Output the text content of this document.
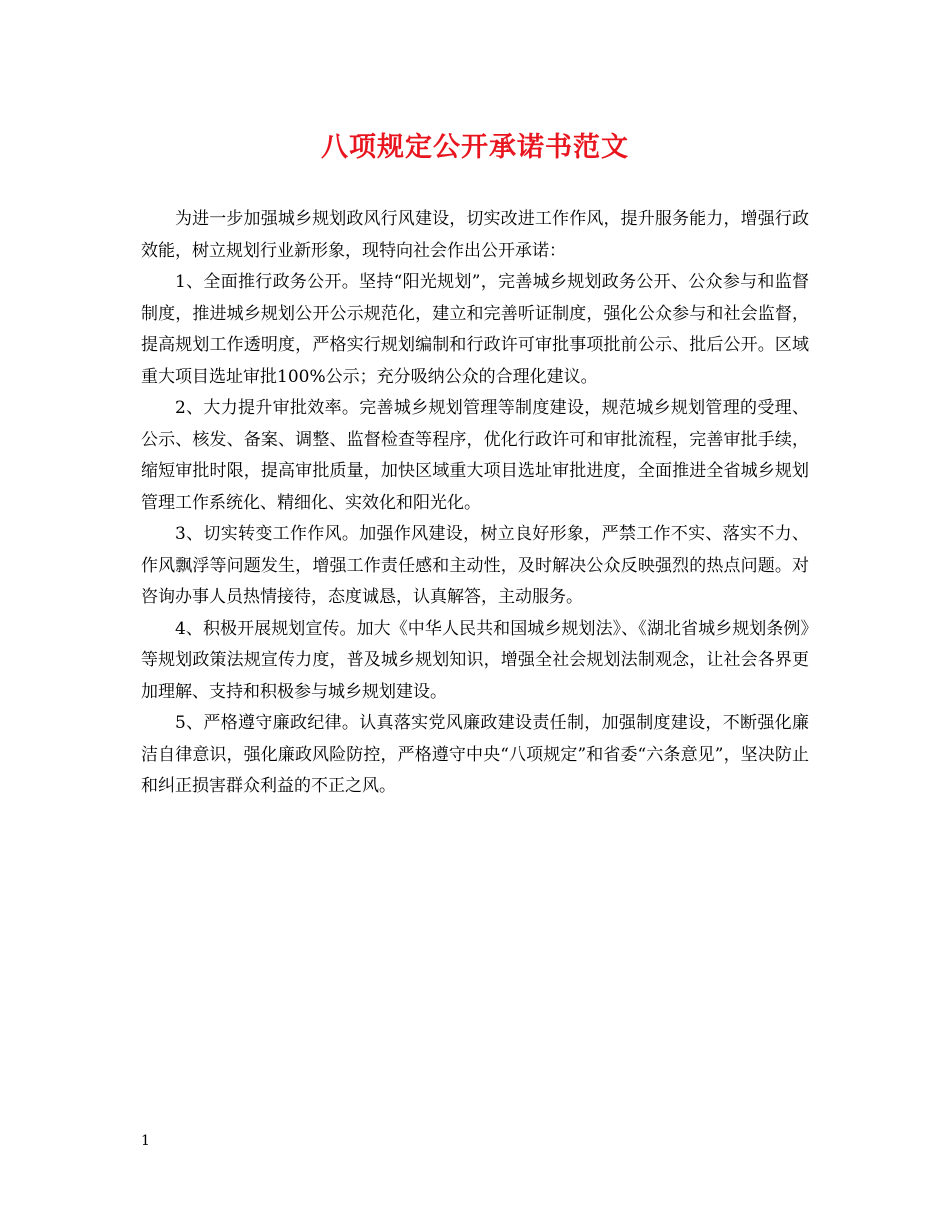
八项规定公开承诺书范文

为进一步加强城乡规划政风行风建设，切实改进工作作风，提升服务能力，增强行政效能，树立规划行业新形象，现特向社会作出公开承诺：

1、全面推行政务公开。坚持“阳光规划”，完善城乡规划政务公开、公众参与和监督制度，推进城乡规划公开公示规范化，建立和完善听证制度，强化公众参与和社会监督，提高规划工作透明度，严格实行规划编制和行政许可审批事项批前公示、批后公开。区域重大项目选址审批100%公示；充分吸纳公众的合理化建议。

2、大力提升审批效率。完善城乡规划管理等制度建设，规范城乡规划管理的受理、公示、核发、备案、调整、监督检查等程序，优化行政许可和审批流程，完善审批手续，缩短审批时限，提高审批质量，加快区域重大项目选址审批进度，全面推进全省城乡规划管理工作系统化、精细化、实效化和阳光化。

3、切实转变工作作风。加强作风建设，树立良好形象，严禁工作不实、落实不力、作风飘浮等问题发生，增强工作责任感和主动性，及时解决公众反映强烈的热点问题。对咨询办事人员热情接待，态度诚恳，认真解答，主动服务。

4、积极开展规划宣传。加大《中华人民共和国城乡规划法》、《湖北省城乡规划条例》等规划政策法规宣传力度，普及城乡规划知识，增强全社会规划法制观念，让社会各界更加理解、支持和积极参与城乡规划建设。

5、严格遵守廉政纪律。认真落实党风廉政建设责任制，加强制度建设，不断强化廉洁自律意识，强化廉政风险防控，严格遵守中央“八项规定”和省委“六条意见”，坚决防止和纠正损害群众利益的不正之风。

1
